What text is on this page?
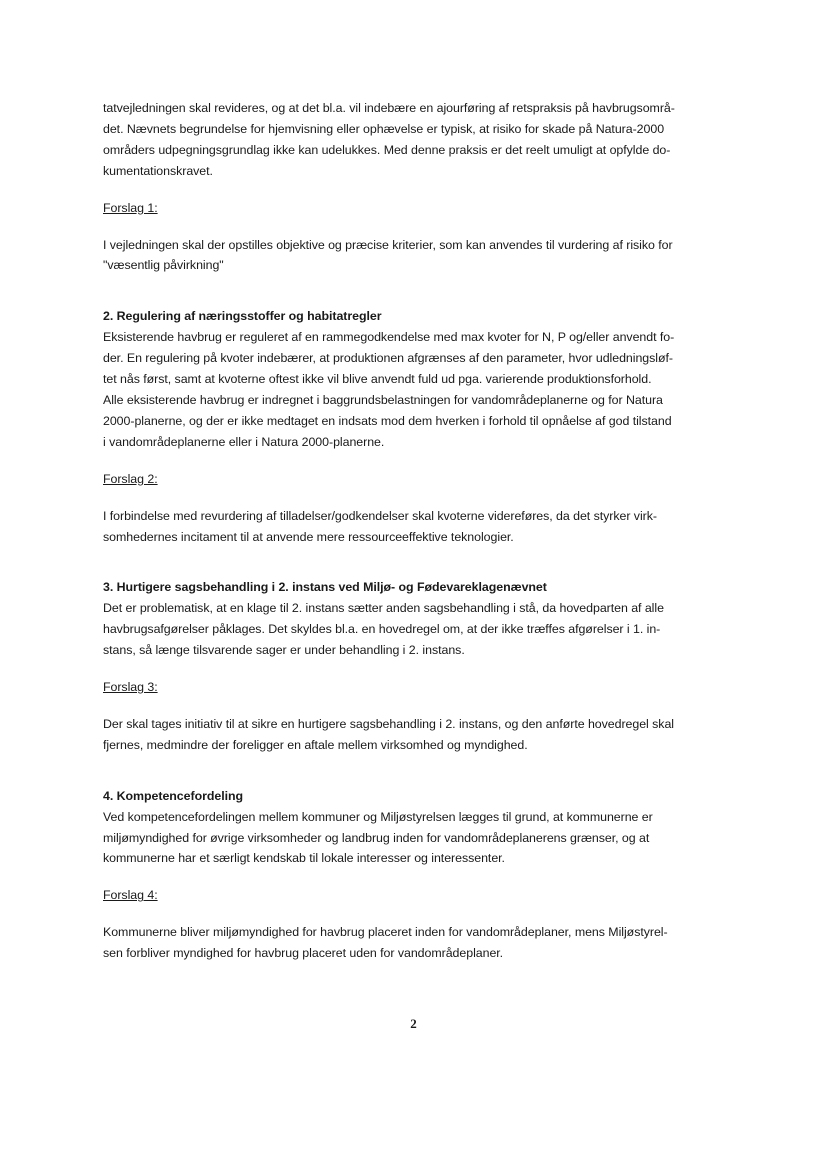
tatvejledningen skal revideres, og at det bl.a. vil indebære en ajourføring af retspraksis på havbrugsområ-
det. Nævnets begrundelse for hjemvisning eller ophævelse er typisk, at risiko for skade på Natura-2000
områders udpegningsgrundlag ikke kan udelukkes. Med denne praksis er det reelt umuligt at opfylde do-
kumentationskravet.
Forslag 1:
I vejledningen skal der opstilles objektive og præcise kriterier, som kan anvendes til vurdering af risiko for
"væsentlig påvirkning"
2. Regulering af næringsstoffer og habitatregler
Eksisterende havbrug er reguleret af en rammegodkendelse med max kvoter for N, P og/eller anvendt fo-
der. En regulering på kvoter indebærer, at produktionen afgrænses af den parameter, hvor udledningsløf-
tet nås først, samt at kvoterne oftest ikke vil blive anvendt fuld ud pga. varierende produktionsforhold.
Alle eksisterende havbrug er indregnet i baggrundsbelastningen for vandområdeplanerne og for Natura
2000-planerne, og der er ikke medtaget en indsats mod dem hverken i forhold til opnåelse af god tilstand
i vandområdeplanerne eller i Natura 2000-planerne.
Forslag 2:
I forbindelse med revurdering af tilladelser/godkendelser skal kvoterne videreføres, da det styrker virk-
somhedernes incitament til at anvende mere ressourceeffektive teknologier.
3. Hurtigere sagsbehandling i 2. instans ved Miljø- og Fødevareklagenævnet
Det er problematisk, at en klage til 2. instans sætter anden sagsbehandling i stå, da hovedparten af alle
havbrugsafgørelser påklages. Det skyldes bl.a. en hovedregel om, at der ikke træffes afgørelser i 1. in-
stans, så længe tilsvarende sager er under behandling i 2. instans.
Forslag 3:
Der skal tages initiativ til at sikre en hurtigere sagsbehandling i 2. instans, og den anførte hovedregel skal
fjernes, medmindre der foreligger en aftale mellem virksomhed og myndighed.
4. Kompetencefordeling
Ved kompetencefordelingen mellem kommuner og Miljøstyrelsen lægges til grund, at kommunerne er
miljømyndighed for øvrige virksomheder og landbrug inden for vandområdeplanerens grænser, og at
kommunerne har et særligt kendskab til lokale interesser og interessenter.
Forslag 4:
Kommunerne bliver miljømyndighed for havbrug placeret inden for vandområdeplaner, mens Miljøstyrel-
sen forbliver myndighed for havbrug placeret uden for vandområdeplaner.
2
